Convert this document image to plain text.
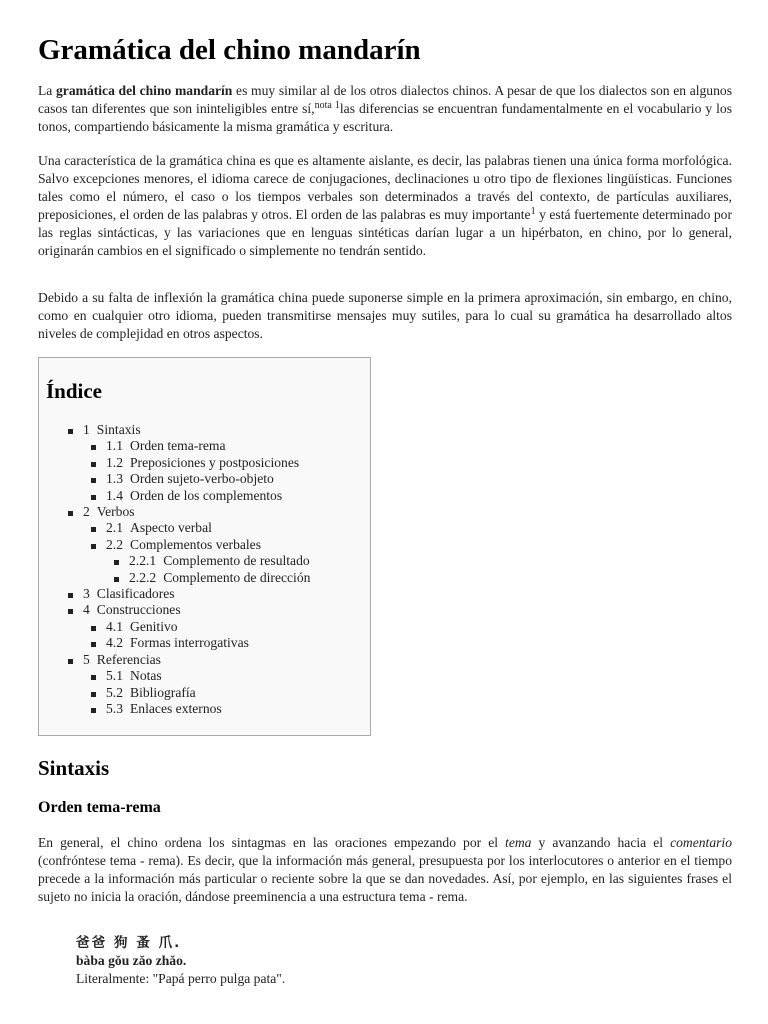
Gramática del chino mandarín

La gramática del chino mandarín es muy similar al de los otros dialectos chinos. A pesar de que los dialectos son en algunos casos tan diferentes que son ininteligibles entre sí,$^{nota 1}$las diferencias se encuentran fundamentalmente en el vocabulario y los tonos, compartiendo básicamente la misma gramática y escritura.

Una característica de la gramática china es que es altamente aislante, es decir, las palabras tienen una única forma morfológica. Salvo excepciones menores, el idioma carece de conjugaciones, declinaciones u otro tipo de flexiones lingüísticas. Funciones tales como el número, el caso o los tiempos verbales son determinados a través del contexto, de partículas auxiliares, preposiciones, el orden de las palabras y otros. El orden de las palabras es muy importante$^1$ y está fuertemente determinado por las reglas sintácticas, y las variaciones que en lenguas sintéticas darían lugar a un hipérbaton, en chino, por lo general, originarán cambios en el significado o simplemente no tendrán sentido.

Debido a su falta de inflexión la gramática china puede suponerse simple en la primera aproximación, sin embargo, en chino, como en cualquier otro idioma, pueden transmitirse mensajes muy sutiles, para lo cual su gramática ha desarrollado altos niveles de complejidad en otros aspectos.

Índice
1 Sintaxis
1.1 Orden tema-rema
1.2 Preposiciones y postposiciones
1.3 Orden sujeto-verbo-objeto
1.4 Orden de los complementos
2 Verbos
2.1 Aspecto verbal
2.2 Complementos verbales
2.2.1 Complemento de resultado
2.2.2 Complemento de dirección
3 Clasificadores
4 Construcciones
4.1 Genitivo
4.2 Formas interrogativas
5 Referencias
5.1 Notas
5.2 Bibliografía
5.3 Enlaces externos
Sintaxis
Orden tema-rema

En general, el chino ordena los sintagmas en las oraciones empezando por el tema y avanzando hacia el comentario (confróntese tema - rema). Es decir, que la información más general, presupuesta por los interlocutores o anterior en el tiempo precede a la información más particular o reciente sobre la que se dan novedades. Así, por ejemplo, en las siguientes frases el sujeto no inicia la oración, dándose preeminencia a una estructura tema - rema.

爸爸 狗 蚤 爪.
bàba gǒu zǎo zhǎo.
Literalmente: "Papá perro pulga pata".
